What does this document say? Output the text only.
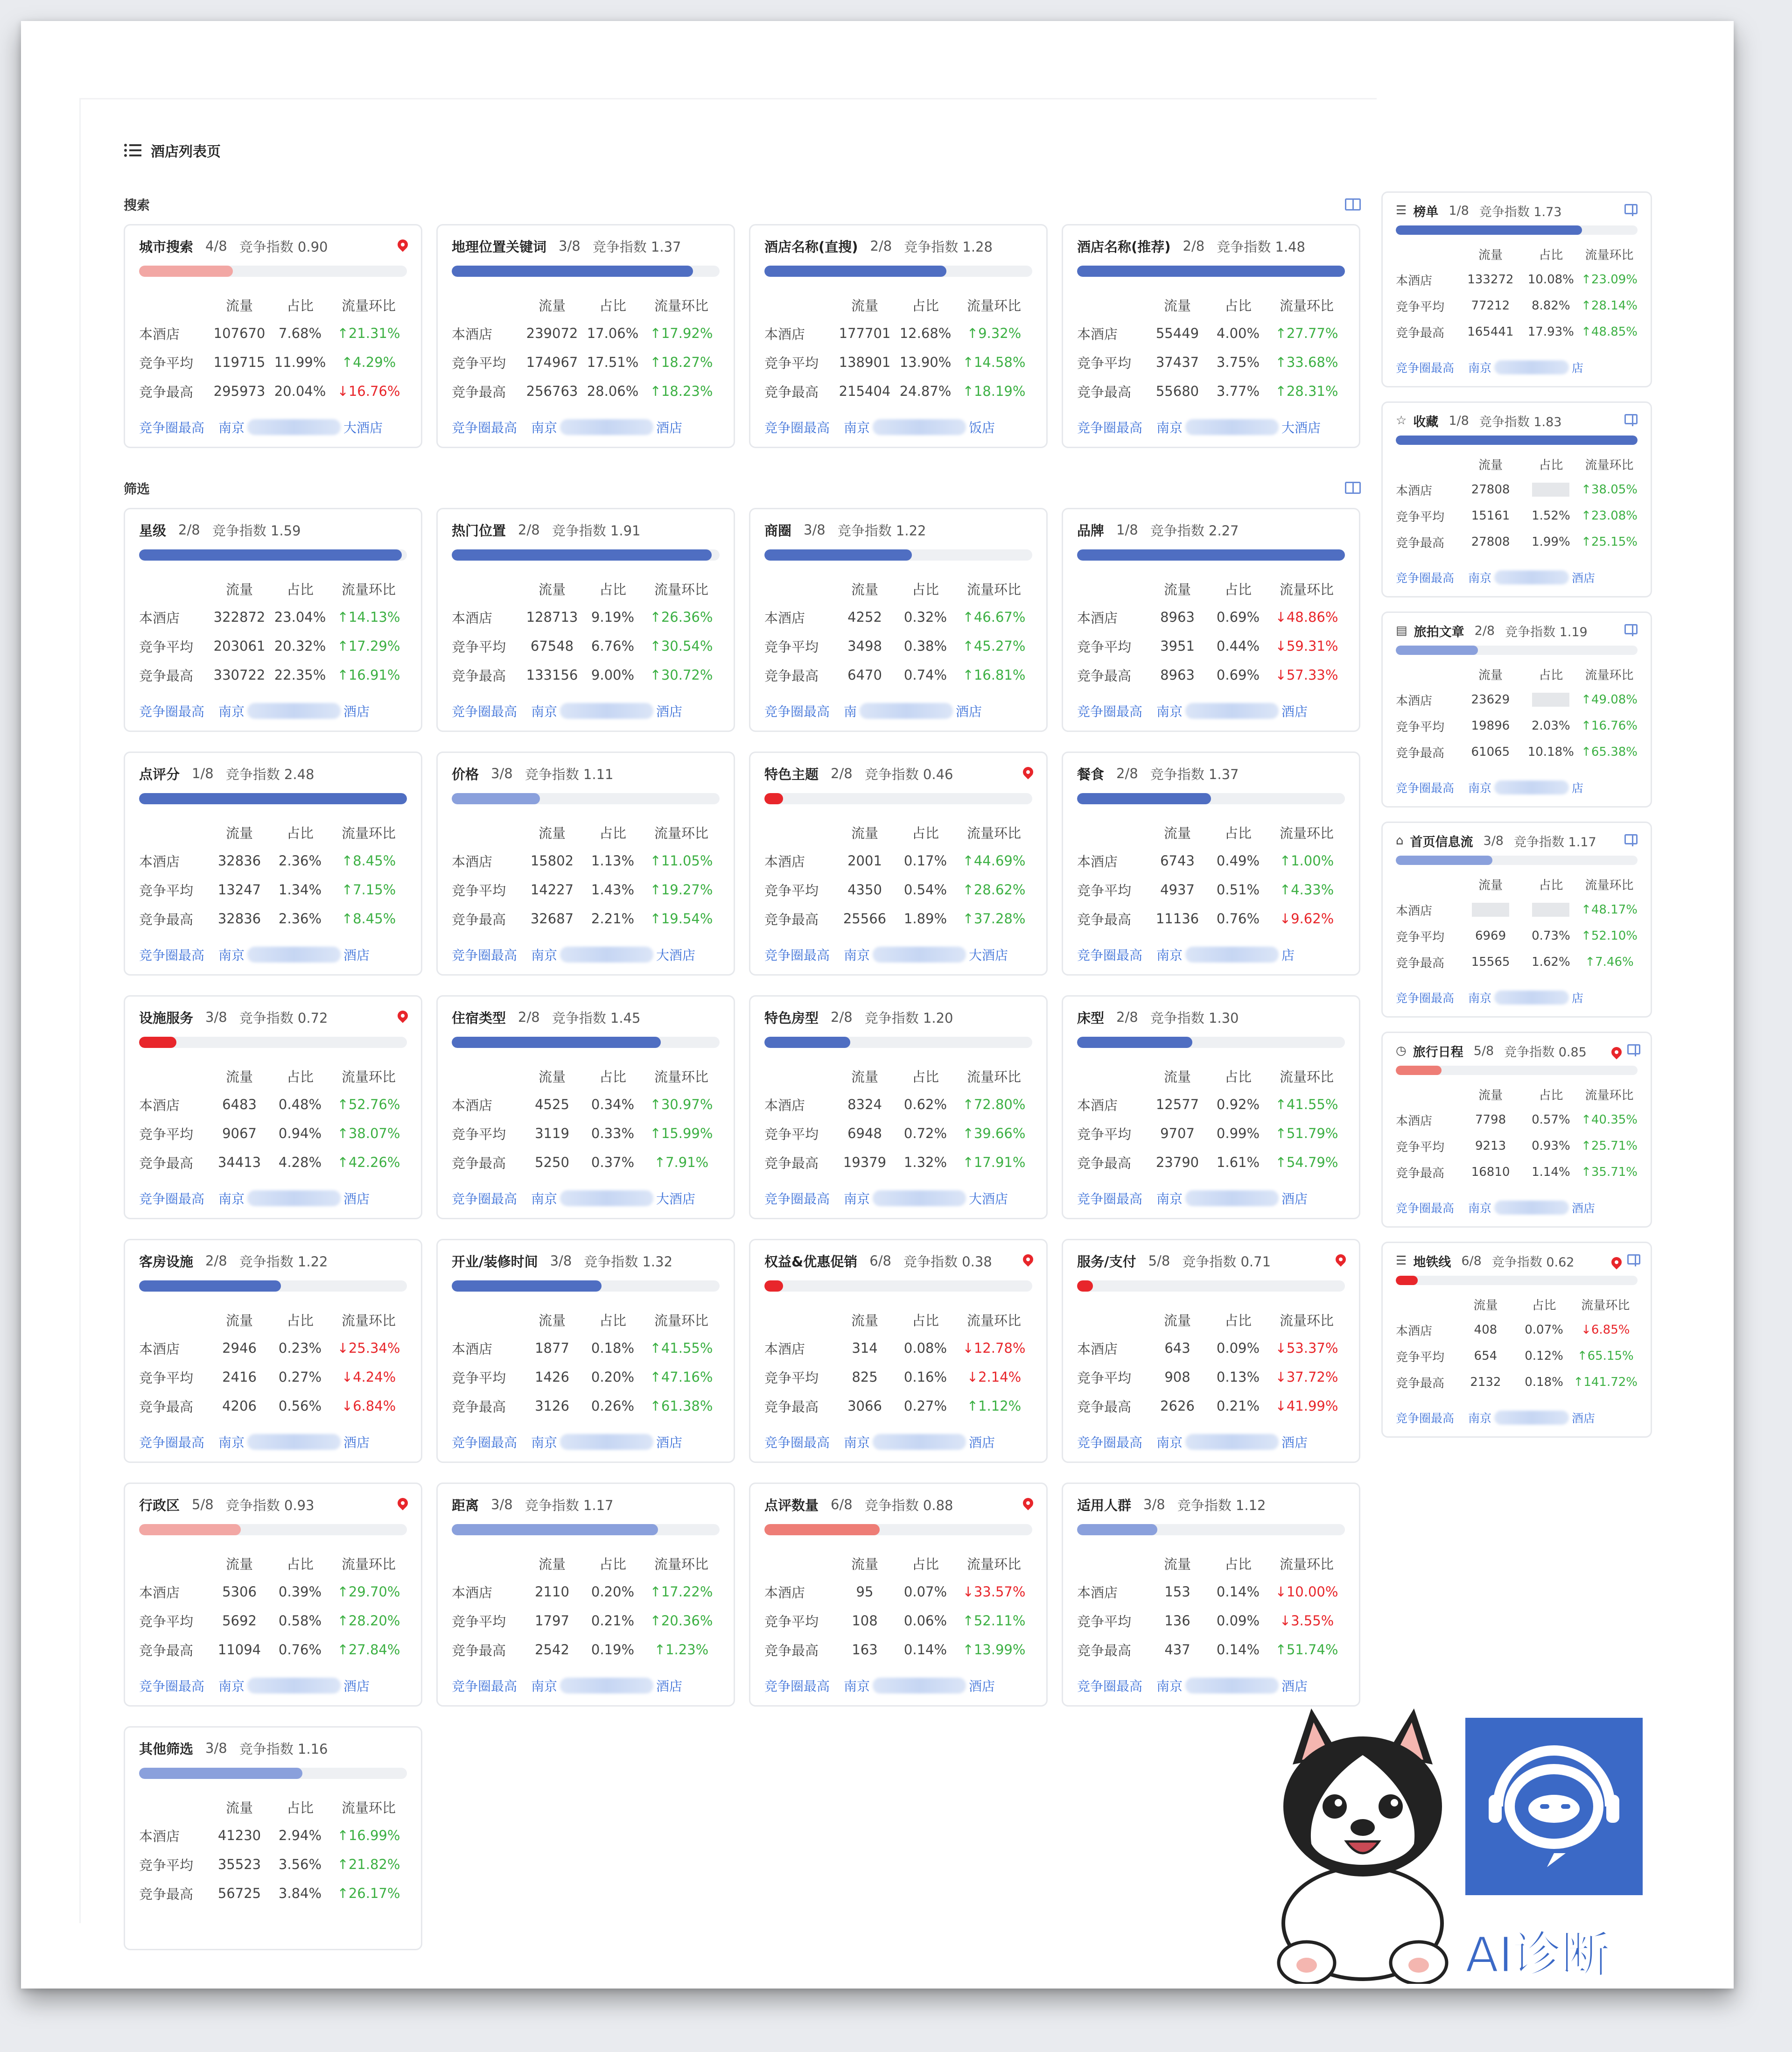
酒店列表页
搜索
城市搜索 4/8 竞争指数 0.90
	流量	占比	流量环比
本酒店	107670	7.68%	↑21.31%
竞争平均	119715	11.99%	↑4.29%
竞争最高	295973	20.04%	↓16.76%
竞争圈最高 南京	大酒店
地理位置关键词 3/8 竞争指数 1.37
	流量	占比	流量环比
本酒店	239072	17.06%	↑17.92%
竞争平均	174967	17.51%	↑18.27%
竞争最高	256763	28.06%	↑18.23%
竞争圈最高 南京	酒店
酒店名称(直搜) 2/8 竞争指数 1.28
	流量	占比	流量环比
本酒店	177701	12.68%	↑9.32%
竞争平均	138901	13.90%	↑14.58%
竞争最高	215404	24.87%	↑18.19%
竞争圈最高 南京	饭店
酒店名称(推荐) 2/8 竞争指数 1.48
	流量	占比	流量环比
本酒店	55449	4.00%	↑27.77%
竞争平均	37437	3.75%	↑33.68%
竞争最高	55680	3.77%	↑28.31%
竞争圈最高 南京	大酒店
筛选
星级 2/8 竞争指数 1.59
	流量	占比	流量环比
本酒店	322872	23.04%	↑14.13%
竞争平均	203061	20.32%	↑17.29%
竞争最高	330722	22.35%	↑16.91%
竞争圈最高 南京	酒店
热门位置 2/8 竞争指数 1.91
	流量	占比	流量环比
本酒店	128713	9.19%	↑26.36%
竞争平均	67548	6.76%	↑30.54%
竞争最高	133156	9.00%	↑30.72%
竞争圈最高 南京	酒店
商圈 3/8 竞争指数 1.22
	流量	占比	流量环比
本酒店	4252	0.32%	↑46.67%
竞争平均	3498	0.38%	↑45.27%
竞争最高	6470	0.74%	↑16.81%
竞争圈最高 南	酒店
品牌 1/8 竞争指数 2.27
	流量	占比	流量环比
本酒店	8963	0.69%	↓48.86%
竞争平均	3951	0.44%	↓59.31%
竞争最高	8963	0.69%	↓57.33%
竞争圈最高 南京	酒店
点评分 1/8 竞争指数 2.48
	流量	占比	流量环比
本酒店	32836	2.36%	↑8.45%
竞争平均	13247	1.34%	↑7.15%
竞争最高	32836	2.36%	↑8.45%
竞争圈最高 南京	酒店
价格 3/8 竞争指数 1.11
	流量	占比	流量环比
本酒店	15802	1.13%	↑11.05%
竞争平均	14227	1.43%	↑19.27%
竞争最高	32687	2.21%	↑19.54%
竞争圈最高 南京	大酒店
特色主题 2/8 竞争指数 0.46
	流量	占比	流量环比
本酒店	2001	0.17%	↑44.69%
竞争平均	4350	0.54%	↑28.62%
竞争最高	25566	1.89%	↑37.28%
竞争圈最高 南京	大酒店
餐食 2/8 竞争指数 1.37
	流量	占比	流量环比
本酒店	6743	0.49%	↑1.00%
竞争平均	4937	0.51%	↑4.33%
竞争最高	11136	0.76%	↓9.62%
竞争圈最高 南京	店
设施服务 3/8 竞争指数 0.72
	流量	占比	流量环比
本酒店	6483	0.48%	↑52.76%
竞争平均	9067	0.94%	↑38.07%
竞争最高	34413	4.28%	↑42.26%
竞争圈最高 南京	酒店
住宿类型 2/8 竞争指数 1.45
	流量	占比	流量环比
本酒店	4525	0.34%	↑30.97%
竞争平均	3119	0.33%	↑15.99%
竞争最高	5250	0.37%	↑7.91%
竞争圈最高 南京	大酒店
特色房型 2/8 竞争指数 1.20
	流量	占比	流量环比
本酒店	8324	0.62%	↑72.80%
竞争平均	6948	0.72%	↑39.66%
竞争最高	19379	1.32%	↑17.91%
竞争圈最高 南京	大酒店
床型 2/8 竞争指数 1.30
	流量	占比	流量环比
本酒店	12577	0.92%	↑41.55%
竞争平均	9707	0.99%	↑51.79%
竞争最高	23790	1.61%	↑54.79%
竞争圈最高 南京	酒店
客房设施 2/8 竞争指数 1.22
	流量	占比	流量环比
本酒店	2946	0.23%	↓25.34%
竞争平均	2416	0.27%	↓4.24%
竞争最高	4206	0.56%	↓6.84%
竞争圈最高 南京	酒店
开业/装修时间 3/8 竞争指数 1.32
	流量	占比	流量环比
本酒店	1877	0.18%	↑41.55%
竞争平均	1426	0.20%	↑47.16%
竞争最高	3126	0.26%	↑61.38%
竞争圈最高 南京	酒店
权益&优惠促销 6/8 竞争指数 0.38
	流量	占比	流量环比
本酒店	314	0.08%	↓12.78%
竞争平均	825	0.16%	↓2.14%
竞争最高	3066	0.27%	↑1.12%
竞争圈最高 南京	酒店
服务/支付 5/8 竞争指数 0.71
	流量	占比	流量环比
本酒店	643	0.09%	↓53.37%
竞争平均	908	0.13%	↓37.72%
竞争最高	2626	0.21%	↓41.99%
竞争圈最高 南京	酒店
行政区 5/8 竞争指数 0.93
	流量	占比	流量环比
本酒店	5306	0.39%	↑29.70%
竞争平均	5692	0.58%	↑28.20%
竞争最高	11094	0.76%	↑27.84%
竞争圈最高 南京	酒店
距离 3/8 竞争指数 1.17
	流量	占比	流量环比
本酒店	2110	0.20%	↑17.22%
竞争平均	1797	0.21%	↑20.36%
竞争最高	2542	0.19%	↑1.23%
竞争圈最高 南京	酒店
点评数量 6/8 竞争指数 0.88
	流量	占比	流量环比
本酒店	95	0.07%	↓33.57%
竞争平均	108	0.06%	↑52.11%
竞争最高	163	0.14%	↑13.99%
竞争圈最高 南京	酒店
适用人群 3/8 竞争指数 1.12
	流量	占比	流量环比
本酒店	153	0.14%	↓10.00%
竞争平均	136	0.09%	↓3.55%
竞争最高	437	0.14%	↑51.74%
竞争圈最高 南京	酒店
其他筛选 3/8 竞争指数 1.16
	流量	占比	流量环比
本酒店	41230	2.94%	↑16.99%
竞争平均	35523	3.56%	↑21.82%
竞争最高	56725	3.84%	↑26.17%
☰ 榜单 1/8 竞争指数 1.73
	流量	占比	流量环比
本酒店	133272	10.08%	↑23.09%
竞争平均	77212	8.82%	↑28.14%
竞争最高	165441	17.93%	↑48.85%
竞争圈最高 南京	店
☆ 收藏 1/8 竞争指数 1.83
	流量	占比	流量环比
本酒店	27808		↑38.05%
竞争平均	15161	1.52%	↑23.08%
竞争最高	27808	1.99%	↑25.15%
竞争圈最高 南京	酒店
▤ 旅拍文章 2/8 竞争指数 1.19
	流量	占比	流量环比
本酒店	23629		↑49.08%
竞争平均	19896	2.03%	↑16.76%
竞争最高	61065	10.18%	↑65.38%
竞争圈最高 南京	店
⌂ 首页信息流 3/8 竞争指数 1.17
	流量	占比	流量环比
本酒店			↑48.17%
竞争平均	6969	0.73%	↑52.10%
竞争最高	15565	1.62%	↑7.46%
竞争圈最高 南京	店
◷ 旅行日程 5/8 竞争指数 0.85
	流量	占比	流量环比
本酒店	7798	0.57%	↑40.35%
竞争平均	9213	0.93%	↑25.71%
竞争最高	16810	1.14%	↑35.71%
竞争圈最高 南京	酒店
☰ 地铁线 6/8 竞争指数 0.62
	流量	占比	流量环比
本酒店	408	0.07%	↓6.85%
竞争平均	654	0.12%	↑65.15%
竞争最高	2132	0.18%	↑141.72%
竞争圈最高 南京	酒店
AI诊断
